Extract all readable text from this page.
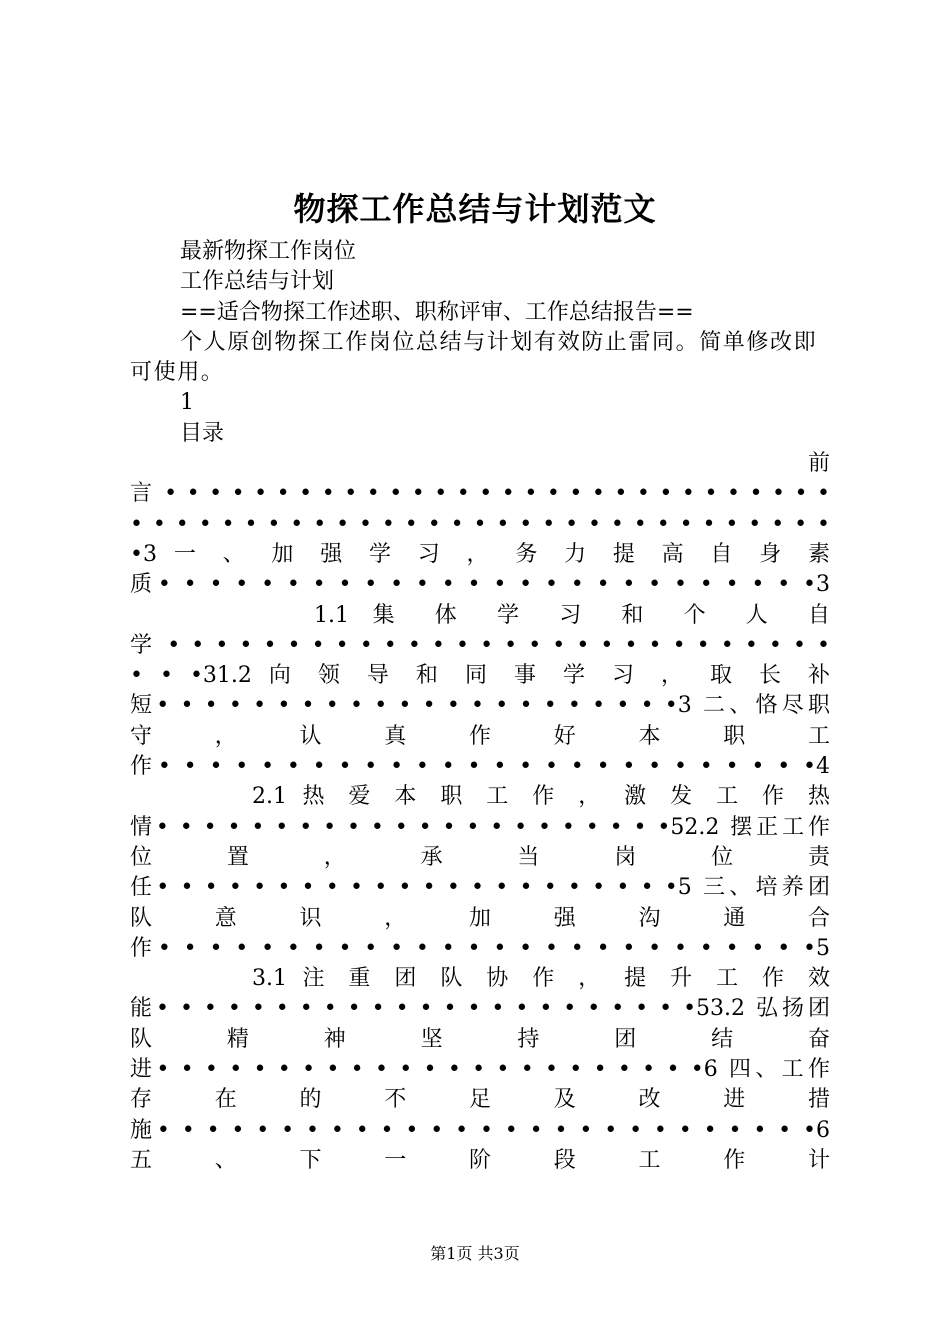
物探工作总结与计划范文
最新物探工作岗位
工作总结与计划
==适合物探工作述职、职称评审、工作总结报告==
个人原创物探工作岗位总结与计划有效防止雷同。简单修改即可使用。
1
目录
前
言 • • • • • • • • • • • • • • • • • • • • • • • • • • • • • •
• • • • • • • • • • • • • • • • • • • • • • • • • • • • • • •
•3 一 、 加 强 学 习 ， 务 力 提 高 自 身 素
质• • • • • • • • • • • • • • • • • • • • • • • • • •3
1.1 集 体 学 习 和 个 人 自
学 • • • • • • • • • • • • • • • • • • • • • • • • • • • •
• • •31.2 向 领 导 和 同 事 学 习 ， 取 长 补
短• • • • • • • • • • • • • • • • • • • • • •3 二、恪尽职
守 ， 认 真 作 好 本 职 工
作• • • • • • • • • • • • • • • • • • • • • • • • • •4
2.1 热 爱 本 职 工 作 ， 激 发 工 作 热
情• • • • • • • • • • • • • • • • • • • • • •52.2 摆正工作
位 置 ， 承 当 岗 位 责
任• • • • • • • • • • • • • • • • • • • • • •5 三、培养团
队 意 识 ， 加 强 沟 通 合
作• • • • • • • • • • • • • • • • • • • • • • • • • •5
3.1 注 重 团 队 协 作 ， 提 升 工 作 效
能• • • • • • • • • • • • • • • • • • • • • • •53.2 弘扬团
队 精 神 坚 持 团 结 奋
进• • • • • • • • • • • • • • • • • • • • • • •6 四、工作
存 在 的 不 足 及 改 进 措
施• • • • • • • • • • • • • • • • • • • • • • • • • • •6
五 、 下 一 阶 段 工 作 计
第1页 共3页
